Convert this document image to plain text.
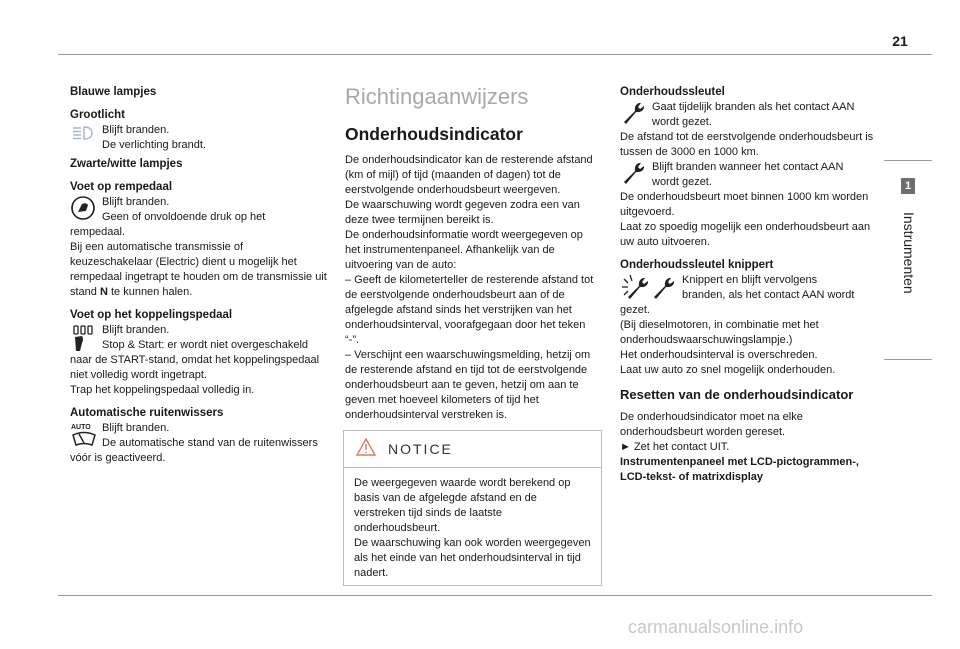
21
1
Instrumenten
Blauwe lampjes
Grootlicht

Blijft branden.

De verlichting brandt.

Zwarte/witte lampjes
Voet op rempedaal

Blijft branden.

Geen of onvoldoende druk op het

rempedaal.

Bij een automatische transmissie of keuzeschakelaar (Electric) dient u mogelijk het rempedaal ingetrapt te houden om de transmissie uit stand N te kunnen halen.

Voet op het koppelingspedaal

Blijft branden.

Stop & Start: er wordt niet overgeschakeld

naar de START-stand, omdat het koppelingspedaal niet volledig wordt ingetrapt.

Trap het koppelingspedaal volledig in.

Automatische ruitenwissers
AUTO Blijft branden.

De automatische stand van de ruitenwissers

vóór is geactiveerd.

Richtingaanwijzers
Onderhoudsindicator

De onderhoudsindicator kan de resterende afstand (km of mijl) of tijd (maanden of dagen) tot de eerstvolgende onderhoudsbeurt weergeven.

De waarschuwing wordt gegeven zodra een van deze twee termijnen bereikt is.

De onderhoudsinformatie wordt weergegeven op het instrumentenpaneel. Afhankelijk van de uitvoering van de auto:

– Geeft de kilometerteller de resterende afstand tot de eerstvolgende onderhoudsbeurt aan of de afgelegde afstand sinds het verstrijken van het onderhoudsinterval, voorafgegaan door het teken “-”.

– Verschijnt een waarschuwingsmelding, hetzij om de resterende afstand en tijd tot de eerstvolgende onderhoudsbeurt aan te geven, hetzij om aan te geven met hoeveel kilometers of tijd het onderhoudsinterval verstreken is.

NOTICE

De weergegeven waarde wordt berekend op basis van de afgelegde afstand en de verstreken tijd sinds de laatste onderhoudsbeurt.

De waarschuwing kan ook worden weergegeven als het einde van het onderhoudsinterval in tijd nadert.

Onderhoudssleutel

Gaat tijdelijk branden als het contact AAN

wordt gezet.

De afstand tot de eerstvolgende onderhoudsbeurt is tussen de 3000 en 1000 km.

Blijft branden wanneer het contact AAN

wordt gezet.

De onderhoudsbeurt moet binnen 1000 km worden uitgevoerd.

Laat zo spoedig mogelijk een onderhoudsbeurt aan uw auto uitvoeren.

Onderhoudssleutel knippert

Knippert en blijft vervolgens

branden, als het contact AAN wordt

gezet.

(Bij dieselmotoren, in combinatie met het onderhoudswaarschuwingslampje.)

Het onderhoudsinterval is overschreden.

Laat uw auto zo snel mogelijk onderhouden.

Resetten van de onderhoudsindicator

De onderhoudsindicator moet na elke onderhoudsbeurt worden gereset.

► Zet het contact UIT.

Instrumentenpaneel met LCD-pictogrammen-, LCD-tekst- of matrixdisplay

carmanualsonline.info
